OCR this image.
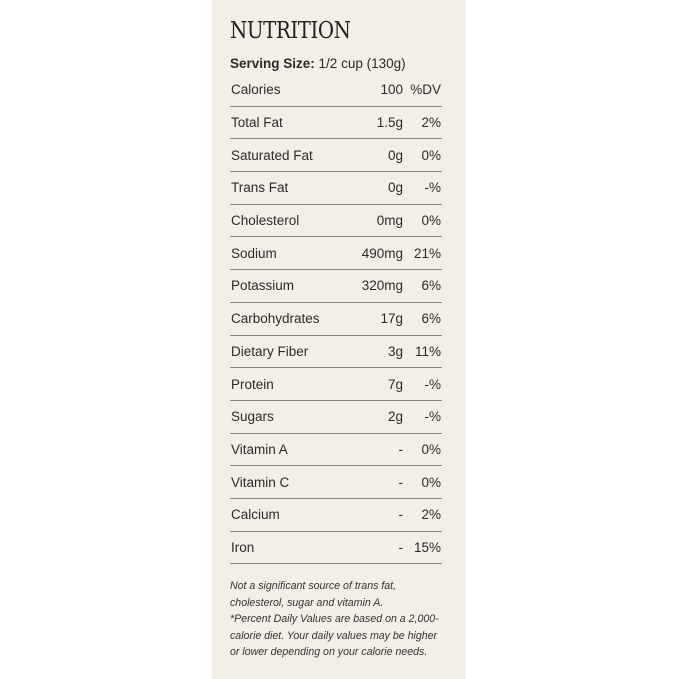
NUTRITION
Serving Size: 1/2 cup (130g)
Calories	100 %DV
Total Fat	1.5g	2%
Saturated Fat	0g	0%
Trans Fat	0g	-%
Cholesterol	0mg	0%
Sodium	490mg 21%
Potassium	320mg	6%
Carbohydrates	17g	6%
Dietary Fiber	3g 11%
Protein	7g	-%
Sugars	2g	-%
Vitamin A	-	0%
Vitamin C	-	0%
Calcium	-	2%
Iron	- 15%

Not a significant source of trans fat, cholesterol, sugar and vitamin A.

*Percent Daily Values are based on a 2,000-calorie diet. Your daily values may be higher or lower depending on your calorie needs.
